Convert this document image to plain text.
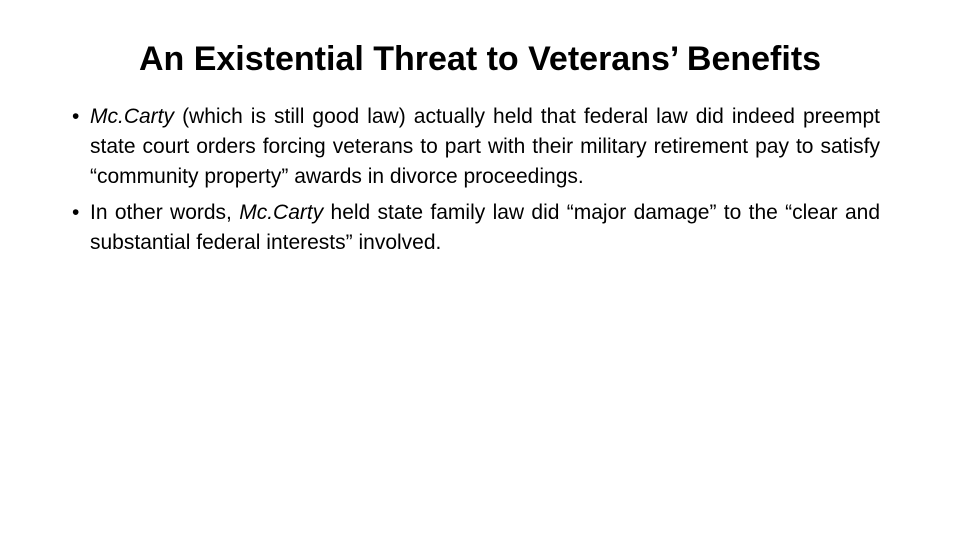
An Existential Threat to Veterans’ Benefits
• Mc.Carty (which is still good law) actually held that federal law did indeed preempt state court orders forcing veterans to part with their military retirement pay to satisfy “community property” awards in divorce proceedings.
• In other words, Mc.Carty held state family law did “major damage” to the “clear and substantial federal interests” involved.
